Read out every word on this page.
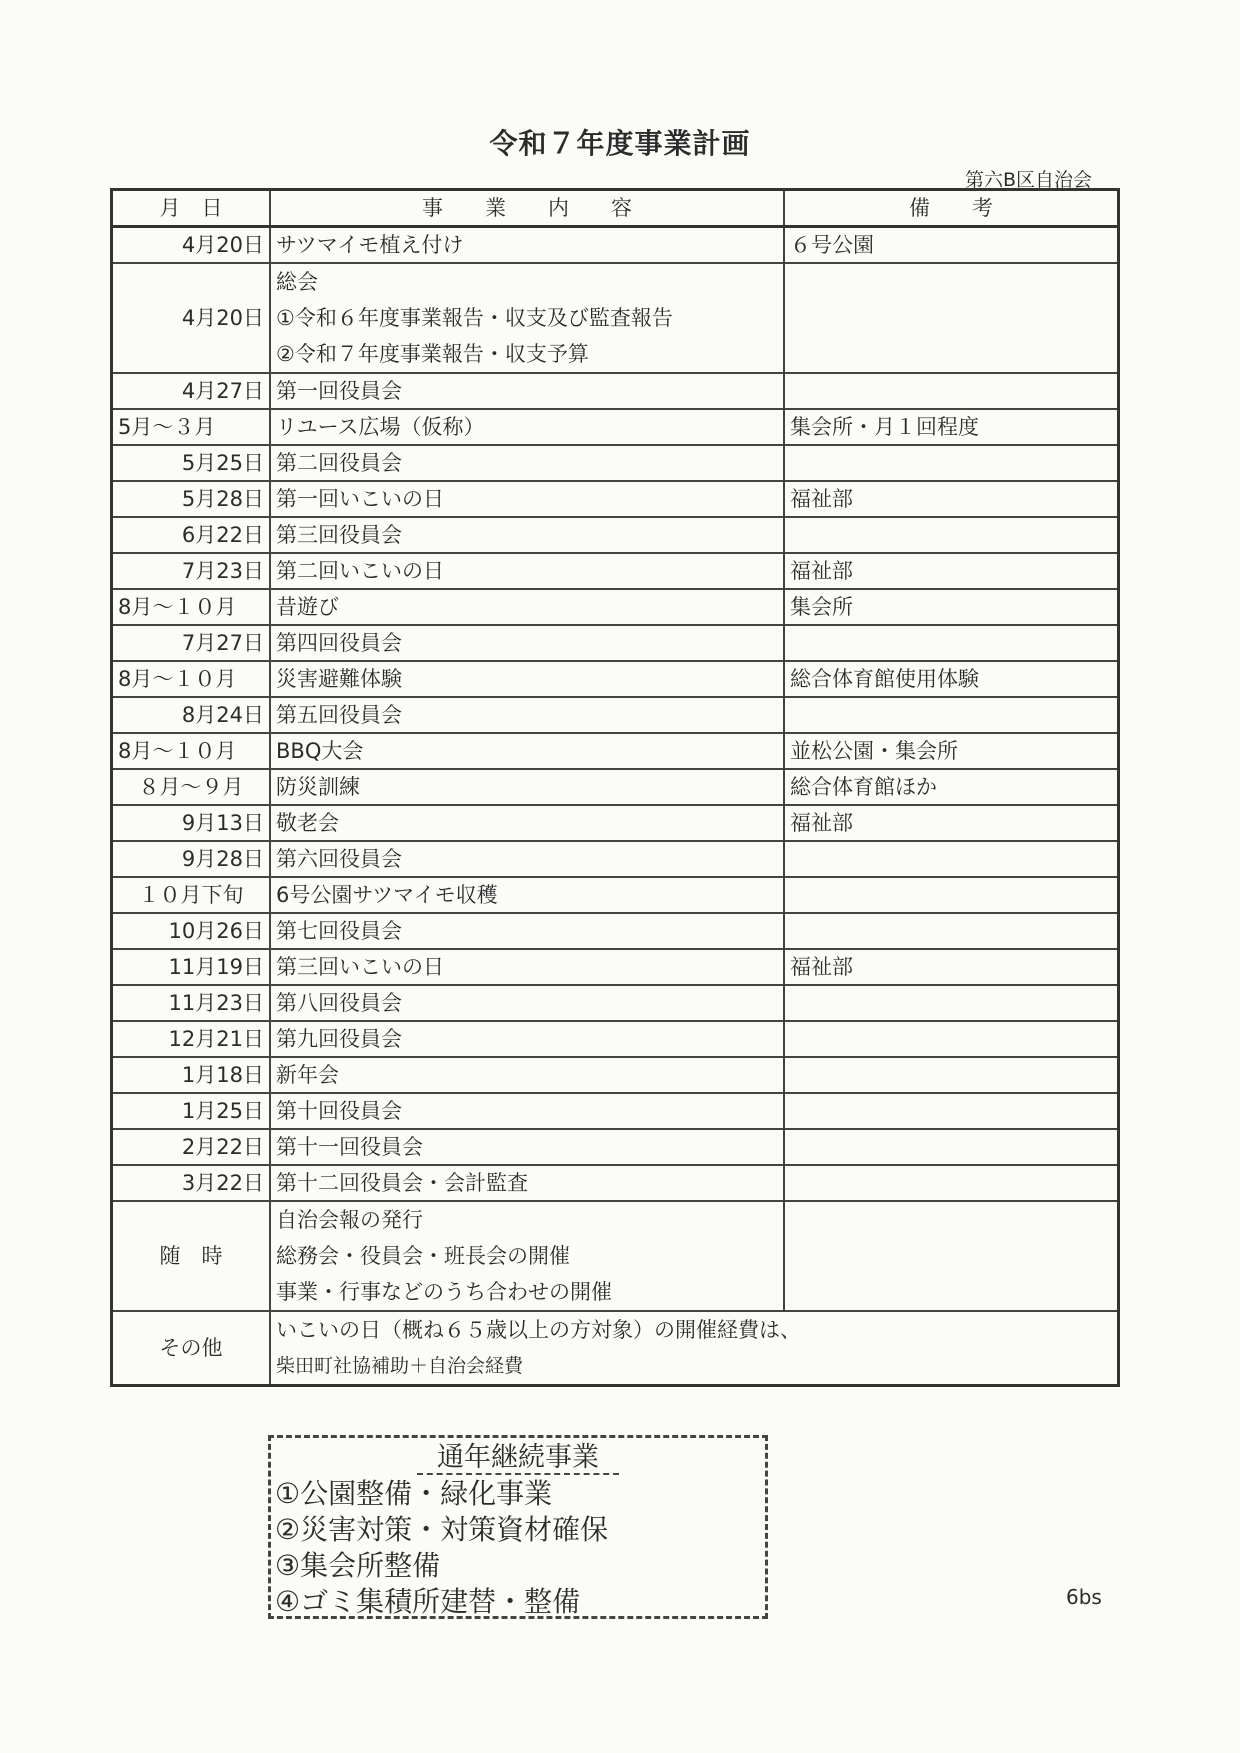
令和７年度事業計画
第六B区自治会
月　日	事　　業　　内　　容	備　　考
4月20日	サツマイモ植え付け	６号公園
4月20日	総会
①令和６年度事業報告・収支及び監査報告
②令和７年度事業報告・収支予算	

4月27日	第一回役員会	
5月～３月	リユース広場（仮称）	集会所・月１回程度
5月25日	第二回役員会	
5月28日	第一回いこいの日	福祉部
6月22日	第三回役員会	
7月23日	第二回いこいの日	福祉部
8月～１０月	昔遊び	集会所
7月27日	第四回役員会	
8月～１０月	災害避難体験	総合体育館使用体験
8月24日	第五回役員会	
8月～１０月	BBQ大会	並松公園・集会所
８月～９月	防災訓練	総合体育館ほか
9月13日	敬老会	福祉部
9月28日	第六回役員会	
１０月下旬	6号公園サツマイモ収穫	
10月26日	第七回役員会	
11月19日	第三回いこいの日	福祉部
11月23日	第八回役員会	
12月21日	第九回役員会	
1月18日	新年会	
1月25日	第十回役員会	
2月22日	第十一回役員会	
3月22日	第十二回役員会・会計監査	
随　時	自治会報の発行
総務会・役員会・班長会の開催
事業・行事などのうち合わせの開催	

その他	いこいの日（概ね６５歳以上の方対象）の開催経費は、
柴田町社協補助＋自治会経費	
通年継続事業
①公園整備・緑化事業
②災害対策・対策資材確保
③集会所整備
④ゴミ集積所建替・整備	6bs
